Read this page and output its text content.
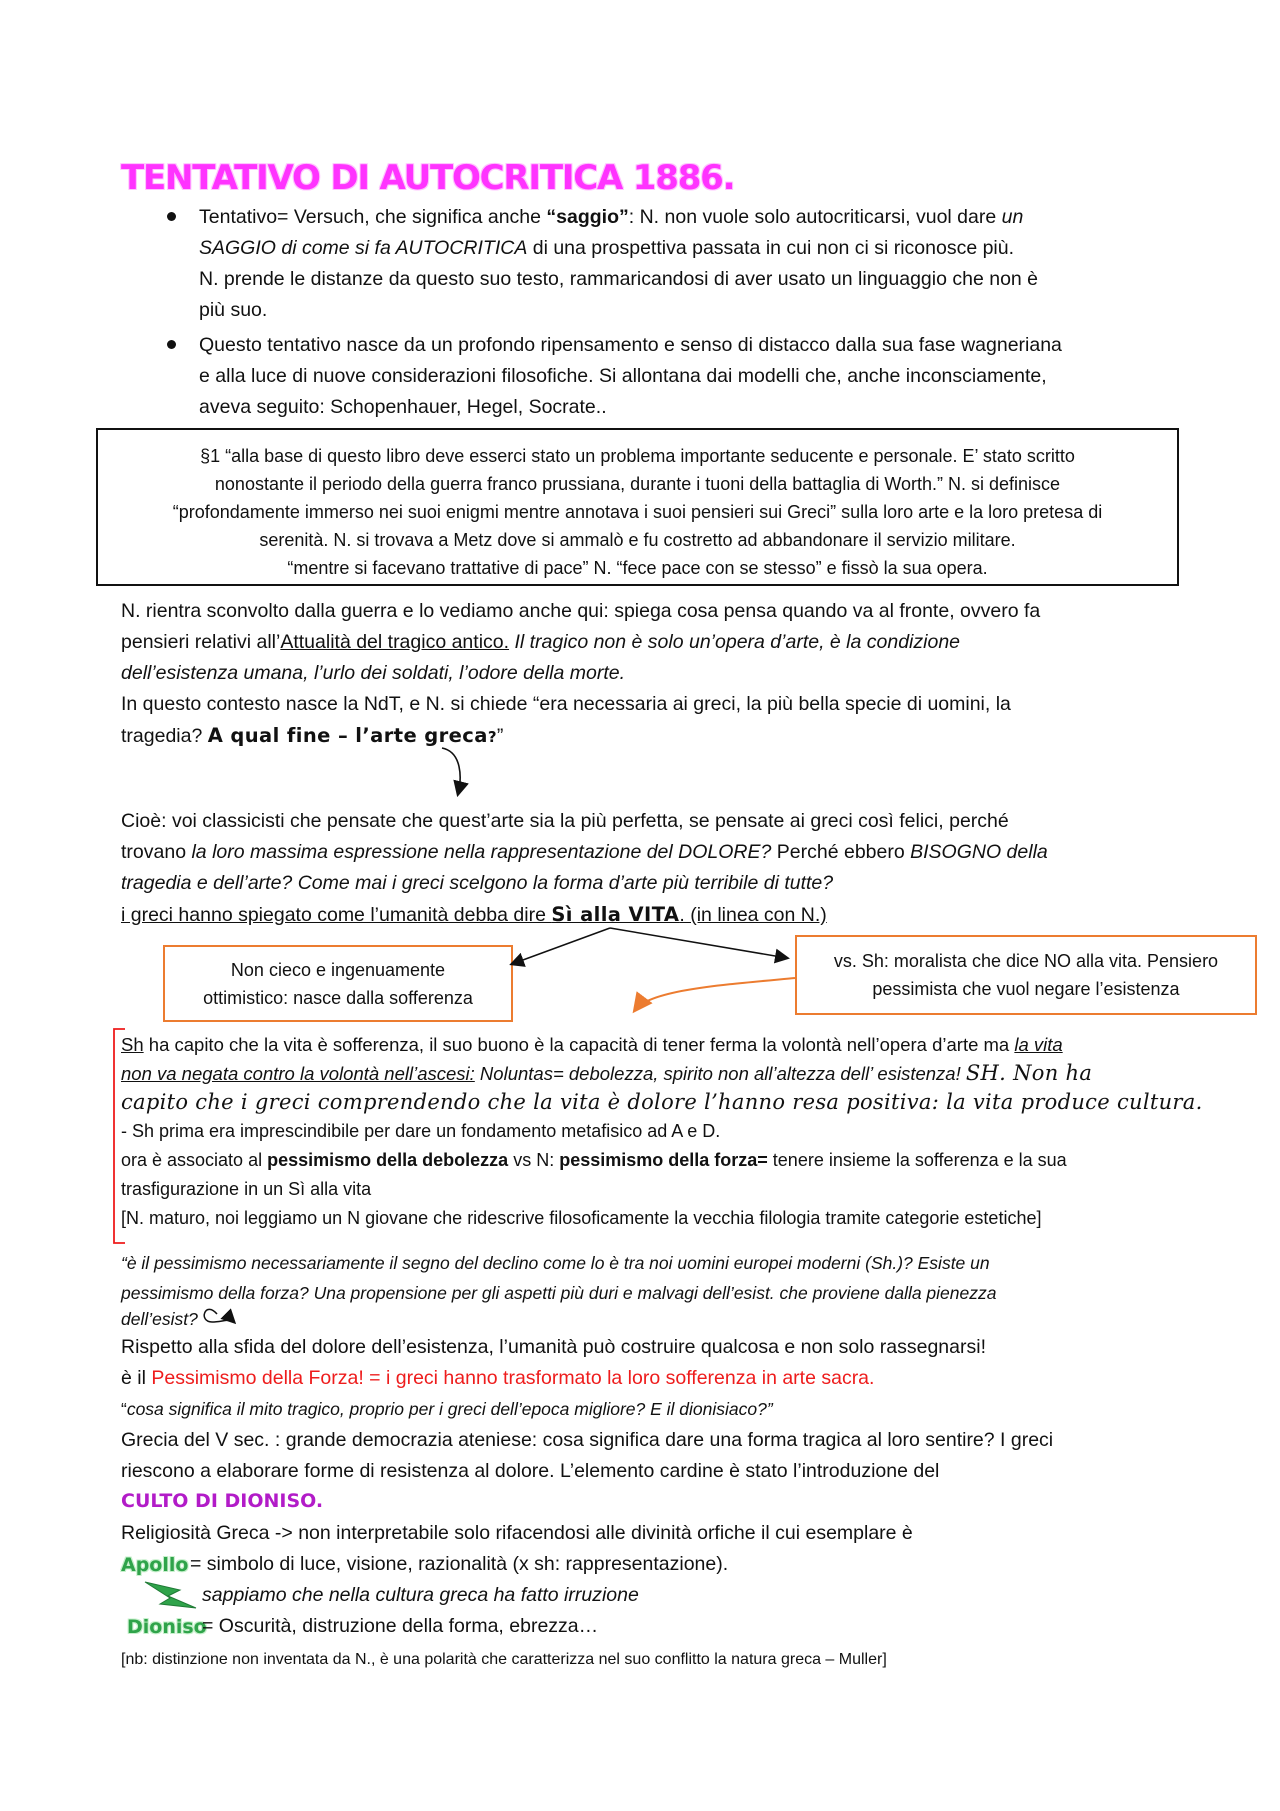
TENTATIVO DI AUTOCRITICA 1886.
Tentativo= Versuch, che significa anche “saggio”: N. non vuole solo autocriticarsi, vuol dare un
SAGGIO di come si fa AUTOCRITICA di una prospettiva passata in cui non ci si riconosce più.
N. prende le distanze da questo suo testo, rammaricandosi di aver usato un linguaggio che non è
più suo.
Questo tentativo nasce da un profondo ripensamento e senso di distacco dalla sua fase wagneriana
e alla luce di nuove considerazioni filosofiche. Si allontana dai modelli che, anche inconsciamente,
aveva seguito: Schopenhauer, Hegel, Socrate..
§1 “alla base di questo libro deve esserci stato un problema importante seducente e personale. E’ stato scritto
nonostante il periodo della guerra franco prussiana, durante i tuoni della battaglia di Worth.” N. si definisce
“profondamente immerso nei suoi enigmi mentre annotava i suoi pensieri sui Greci” sulla loro arte e la loro pretesa di
serenità. N. si trovava a Metz dove si ammalò e fu costretto ad abbandonare il servizio militare.
“mentre si facevano trattative di pace” N. “fece pace con se stesso” e fissò la sua opera.
N. rientra sconvolto dalla guerra e lo vediamo anche qui: spiega cosa pensa quando va al fronte, ovvero fa
pensieri relativi all’Attualità del tragico antico. Il tragico non è solo un’opera d’arte, è la condizione
dell’esistenza umana, l’urlo dei soldati, l’odore della morte.
In questo contesto nasce la NdT, e N. si chiede “era necessaria ai greci, la più bella specie di uomini, la
tragedia? A qual fine – l’arte greca?”
Cioè: voi classicisti che pensate che quest’arte sia la più perfetta, se pensate ai greci così felici, perché
trovano la loro massima espressione nella rappresentazione del DOLORE? Perché ebbero BISOGNO della
tragedia e dell’arte? Come mai i greci scelgono la forma d’arte più terribile di tutte?
i greci hanno spiegato come l’umanità debba dire Sì alla VITA. (in linea con N.)
Non cieco e ingenuamente
ottimistico: nasce dalla sofferenza
vs. Sh: moralista che dice NO alla vita. Pensiero
pessimista che vuol negare l’esistenza
Sh ha capito che la vita è sofferenza, il suo buono è la capacità di tener ferma la volontà nell’opera d’arte ma la vita
non va negata contro la volontà nell’ascesi: Noluntas= debolezza, spirito non all’altezza dell’ esistenza! SH. Non ha
capito che i greci comprendendo che la vita è dolore l’hanno resa positiva: la vita produce cultura.
- Sh prima era imprescindibile per dare un fondamento metafisico ad A e D.
ora è associato al pessimismo della debolezza vs N: pessimismo della forza= tenere insieme la sofferenza e la sua
trasfigurazione in un Sì alla vita
[N. maturo, noi leggiamo un N giovane che ridescrive filosoficamente la vecchia filologia tramite categorie estetiche]
“è il pessimismo necessariamente il segno del declino come lo è tra noi uomini europei moderni (Sh.)? Esiste un
pessimismo della forza? Una propensione per gli aspetti più duri e malvagi dell’esist. che proviene dalla pienezza
dell’esist?
Rispetto alla sfida del dolore dell’esistenza, l’umanità può costruire qualcosa e non solo rassegnarsi!
è il Pessimismo della Forza! = i greci hanno trasformato la loro sofferenza in arte sacra.
“cosa significa il mito tragico, proprio per i greci dell’epoca migliore? E il dionisiaco?”
Grecia del V sec. : grande democrazia ateniese: cosa significa dare una forma tragica al loro sentire? I greci
riescono a elaborare forme di resistenza al dolore. L’elemento cardine è stato l’introduzione del
CULTO DI DIONISO.
Religiosità Greca -> non interpretabile solo rifacendosi alle divinità orfiche il cui esemplare è
Apollo = simbolo di luce, visione, razionalità (x sh: rappresentazione).
sappiamo che nella cultura greca ha fatto irruzione
Dioniso
= Oscurità, distruzione della forma, ebrezza…
[nb: distinzione non inventata da N., è una polarità che caratterizza nel suo conflitto la natura greca – Muller]
